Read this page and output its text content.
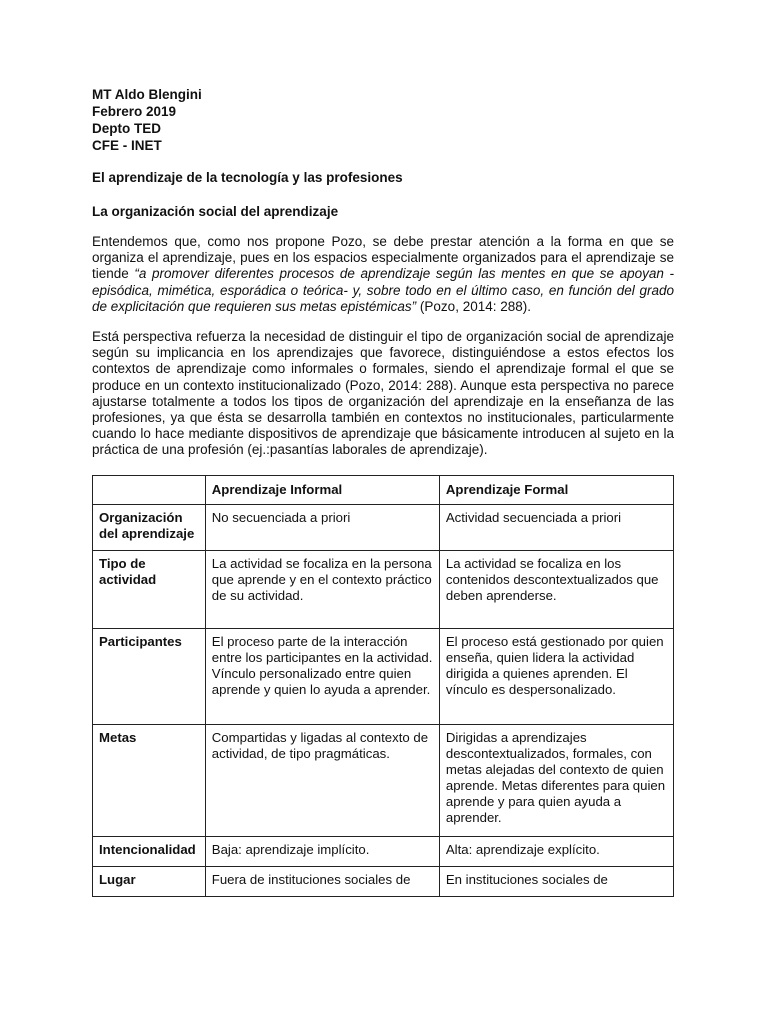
MT Aldo Blengini

Febrero 2019

Depto TED

CFE - INET

El aprendizaje de la tecnología y las profesiones

La organización social del aprendizaje

Entendemos que, como nos propone Pozo, se debe prestar atención a la forma en que se organiza el aprendizaje, pues en los espacios especialmente organizados para el aprendizaje se tiende “a promover diferentes procesos de aprendizaje según las mentes en que se apoyan - episódica, mimética, esporádica o teórica- y, sobre todo en el último caso, en función del grado de explicitación que requieren sus metas epistémicas” (Pozo, 2014: 288).

Está perspectiva refuerza la necesidad de distinguir el tipo de organización social de aprendizaje según su implicancia en los aprendizajes que favorece, distinguiéndose a estos efectos los contextos de aprendizaje como informales o formales, siendo el aprendizaje formal el que se produce en un contexto institucionalizado (Pozo, 2014: 288). Aunque esta perspectiva no parece ajustarse totalmente a todos los tipos de organización del aprendizaje en la enseñanza de las profesiones, ya que ésta se desarrolla también en contextos no institucionales, particularmente cuando lo hace mediante dispositivos de aprendizaje que básicamente introducen al sujeto en la práctica de una profesión (ej.:pasantías laborales de aprendizaje).

	Aprendizaje Informal	Aprendizaje Formal
Organización del aprendizaje	No secuenciada a priori	Actividad secuenciada a priori
Tipo de actividad	La actividad se focaliza en la persona que aprende y en el contexto práctico de su actividad.	La actividad se focaliza en los contenidos descontextualizados que deben aprenderse.
Participantes	El proceso parte de la interacción entre los participantes en la actividad. Vínculo personalizado entre quien aprende y quien lo ayuda a aprender.	El proceso está gestionado por quien enseña, quien lidera la actividad dirigida a quienes aprenden. El vínculo es despersonalizado.
Metas	Compartidas y ligadas al contexto de actividad, de tipo pragmáticas.	Dirigidas a aprendizajes descontextualizados, formales, con metas alejadas del contexto de quien aprende. Metas diferentes para quien aprende y para quien ayuda a aprender.
Intencionalidad	Baja: aprendizaje implícito.	Alta: aprendizaje explícito.
Lugar	Fuera de instituciones sociales de	En instituciones sociales de
